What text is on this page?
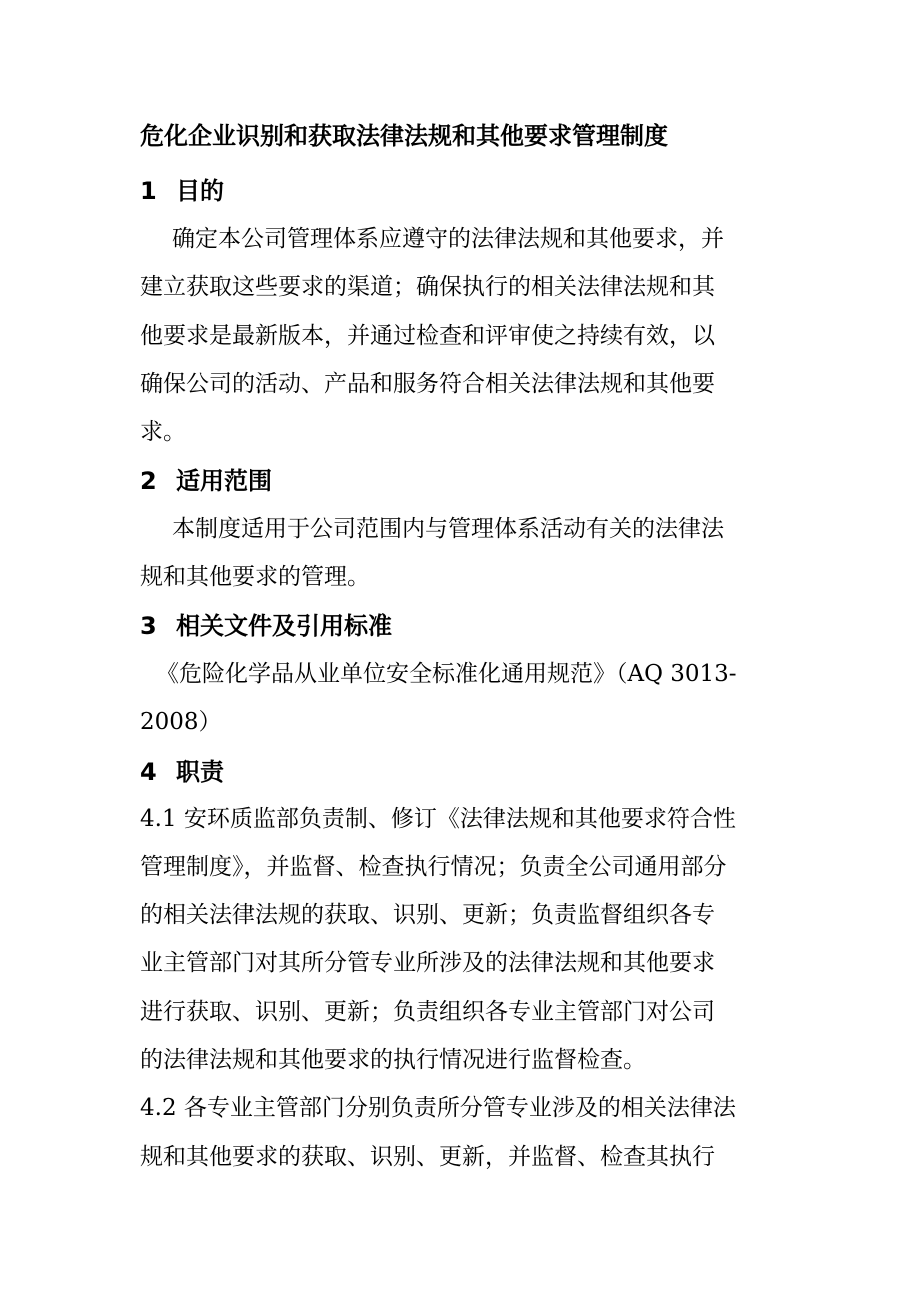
危化企业识别和获取法律法规和其他要求管理制度
1 目的
确定本公司管理体系应遵守的法律法规和其他要求，并
建立获取这些要求的渠道；确保执行的相关法律法规和其
他要求是最新版本，并通过检查和评审使之持续有效，以
确保公司的活动、产品和服务符合相关法律法规和其他要
求。
2 适用范围
本制度适用于公司范围内与管理体系活动有关的法律法
规和其他要求的管理。
3 相关文件及引用标准
《危险化学品从业单位安全标准化通用规范》（AQ 3013-
2008）
4 职责
4.1 安环质监部负责制、修订《法律法规和其他要求符合性
管理制度》，并监督、检查执行情况；负责全公司通用部分
的相关法律法规的获取、识别、更新；负责监督组织各专
业主管部门对其所分管专业所涉及的法律法规和其他要求
进行获取、识别、更新；负责组织各专业主管部门对公司
的法律法规和其他要求的执行情况进行监督检查。
4.2 各专业主管部门分别负责所分管专业涉及的相关法律法
规和其他要求的获取、识别、更新，并监督、检查其执行
